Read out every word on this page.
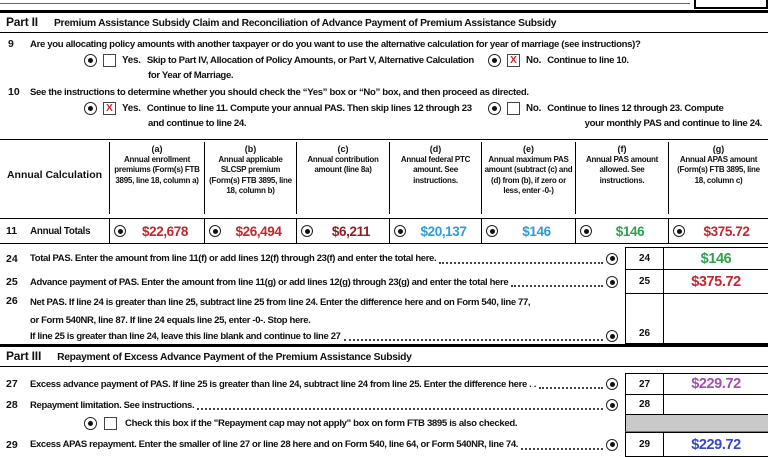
Part II Premium Assistance Subsidy Claim and Reconciliation of Advance Payment of Premium Assistance Subsidy
9	Are you allocating policy amounts with another taxpayer or do you want to use the alternative calculation for year of marriage (see instructions)?
Yes. Skip to Part IV, Allocation of Policy Amounts, or Part V, Alternative Calculation
for Year of Marriage.
X No. Continue to line 10.
10	See the instructions to determine whether you should check the “Yes” box or “No” box, and then proceed as directed.
X Yes. Continue to line 11. Compute your annual PAS. Then skip lines 12 through 23
and continue to line 24.
No. Continue to lines 12 through 23. Compute
your monthly PAS and continue to line 24.
Annual Calculation
(a)
Annual enrollment premiums (Form(s) FTB 3895, line 18, column a)
(b)
Annual applicable SLCSP premium (Form(s) FTB 3895, line 18, column b)
(c)
Annual contribution amount (line 8a)
(d)
Annual federal PTC amount. See instructions.
(e)
Annual maximum PAS amount (subtract (c) and (d) from (b), if zero or less, enter -0-)
(f)
Annual PAS amount allowed. See instructions.
(g)
Annual APAS amount (Form(s) FTB 3895, line 18, column c)
11 Annual Totals	$22,678	$26,494	$6,211	$20,137	$146	$146	$375.72
24	Total PAS. Enter the amount from line 11(f) or add lines 12(f) through 23(f) and enter the total here.	24	$146
25	Advance payment of PAS. Enter the amount from line 11(g) or add lines 12(g) through 23(g) and enter the total here	25	$375.72
26	Net PAS. If line 24 is greater than line 25, subtract line 25 from line 24. Enter the difference here and on Form 540, line 77,
or Form 540NR, line 87. If line 24 equals line 25, enter -0-. Stop here.
If line 25 is greater than line 24, leave this line blank and continue to line 27	26
Part III Repayment of Excess Advance Payment of the Premium Assistance Subsidy
27	Excess advance payment of PAS. If line 25 is greater than line 24, subtract line 24 from line 25. Enter the difference here . .	27	$229.72
28	Repayment limitation. See instructions.	28
Check this box if the "Repayment cap may not apply" box on form FTB 3895 is also checked.
29	Excess APAS repayment. Enter the smaller of line 27 or line 28 here and on Form 540, line 64, or Form 540NR, line 74.	29	$229.72
